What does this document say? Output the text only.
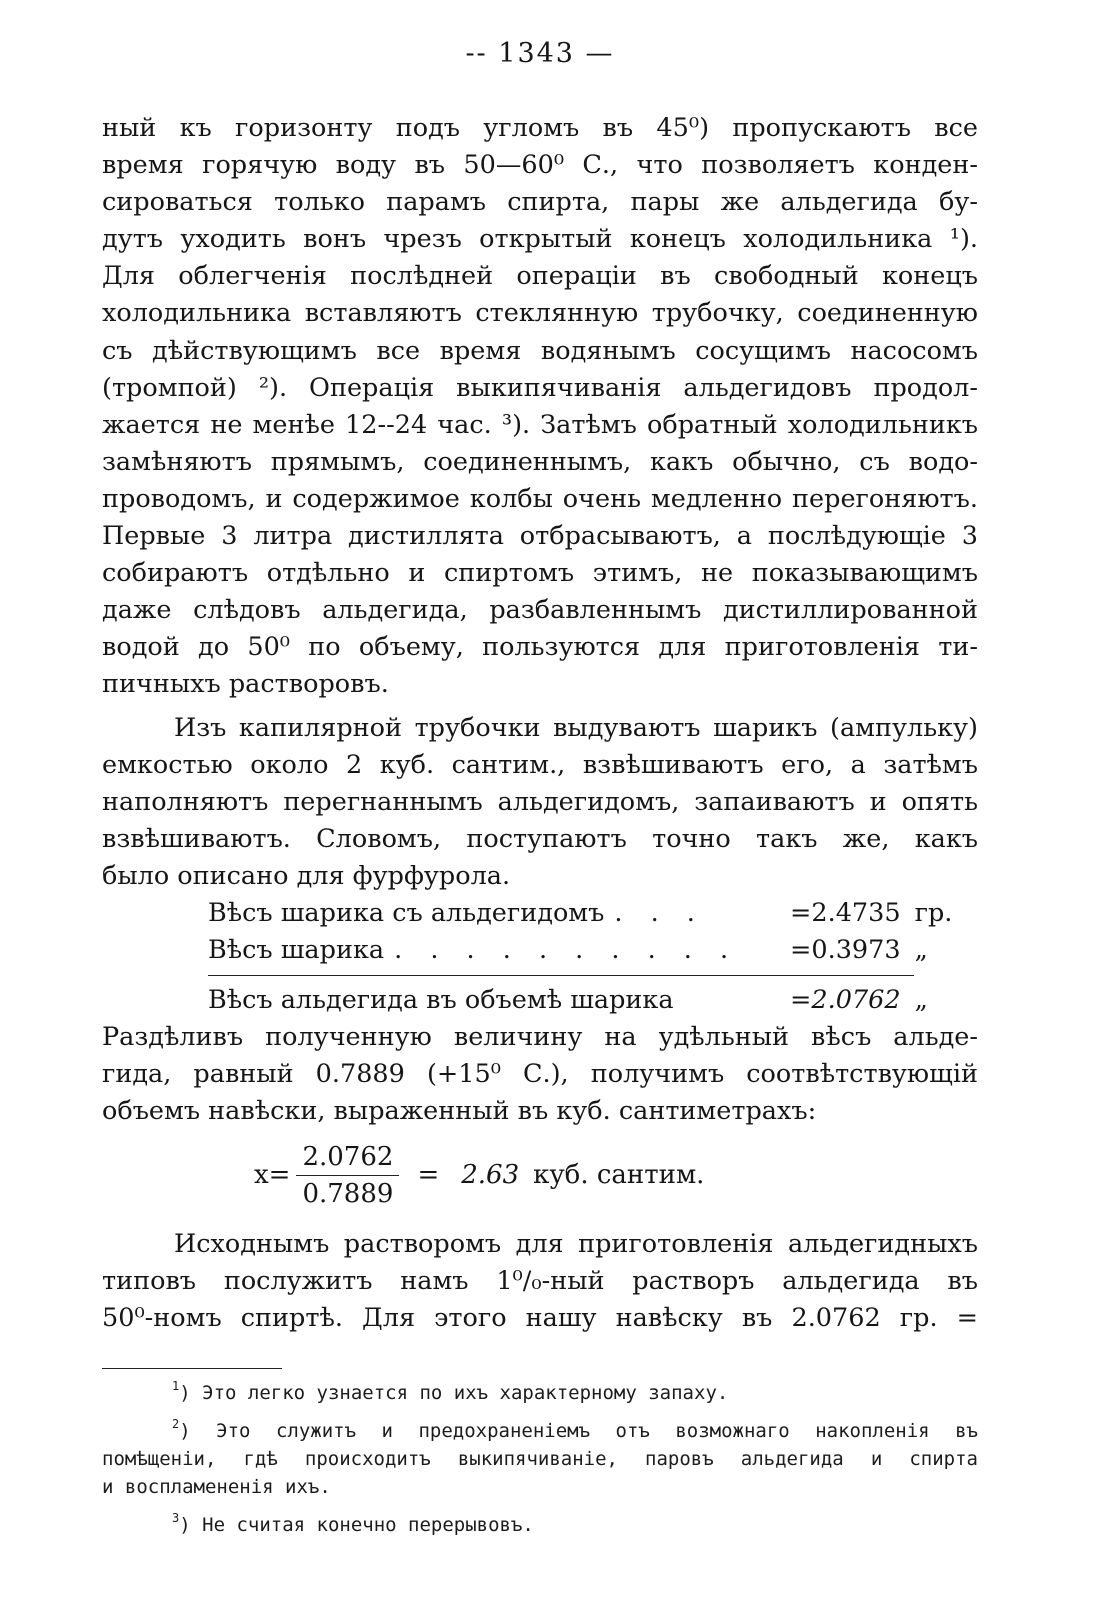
-- 1343 —
ный къ горизонту подъ угломъ въ 45⁰) пропускаютъ все
время горячую воду въ 50—60⁰ С., что позволяетъ конден-
сироваться только парамъ спирта, пары же альдегида бу-
дутъ уходить вонъ чрезъ открытый конецъ холодильника ¹).
Для облегченія послѣдней операціи въ свободный конецъ
холодильника вставляютъ стеклянную трубочку, соединенную
съ дѣйствующимъ все время водянымъ сосущимъ насосомъ
(тромпой) ²). Операція выкипячиванія альдегидовъ продол-
жается не менѣе 12--24 час. ³). Затѣмъ обратный холодильникъ
замѣняютъ прямымъ, соединеннымъ, какъ обычно, съ водо-
проводомъ, и содержимое колбы очень медленно перегоняютъ.
Первые 3 литра дистиллята отбрасываютъ, а послѣдующіе 3
собираютъ отдѣльно и спиртомъ этимъ, не показывающимъ
даже слѣдовъ альдегида, разбавленнымъ дистиллированной
водой до 50⁰ по объему, пользуются для приготовленія ти-
пичныхъ растворовъ.
Изъ капилярной трубочки выдуваютъ шарикъ (ампульку)
емкостью около 2 куб. сантим., взвѣшиваютъ его, а затѣмъ
наполняютъ перегнаннымъ альдегидомъ, запаиваютъ и опять
взвѣшиваютъ. Словомъ, поступаютъ точно такъ же, какъ
было описано для фурфурола.
Вѣсъ шарика съ альдегидомъ . . .	=2.4735 гр.
Вѣсъ шарика . . . . . . . . . .	=0.3973 „
Вѣсъ альдегида въ объемѣ шарика	=2.0762 „
Раздѣливъ полученную величину на удѣльный вѣсъ альде-
гида, равный 0.7889 (+15⁰ С.), получимъ соотвѣтствующій
объемъ навѣски, выраженный въ куб. сантиметрахъ:
$x= \frac{2.0762}{0.7889} = 2.63$ куб. сантим.
Исходнымъ растворомъ для приготовленія альдегидныхъ
типовъ послужитъ намъ 1⁰/₀-ный растворъ альдегида въ
50⁰-номъ спиртѣ. Для этого нашу навѣску въ 2.0762 гр. =
$^1$) Это легко узнается по ихъ характерному запаху.
$^2$) Это служитъ и предохраненіемъ отъ возможнаго накопленія въ
помѣщеніи, гдѣ происходитъ выкипячиваніе, паровъ альдегида и спирта
и воспламененія ихъ.
$^3$) Не считая конечно перерывовъ.
